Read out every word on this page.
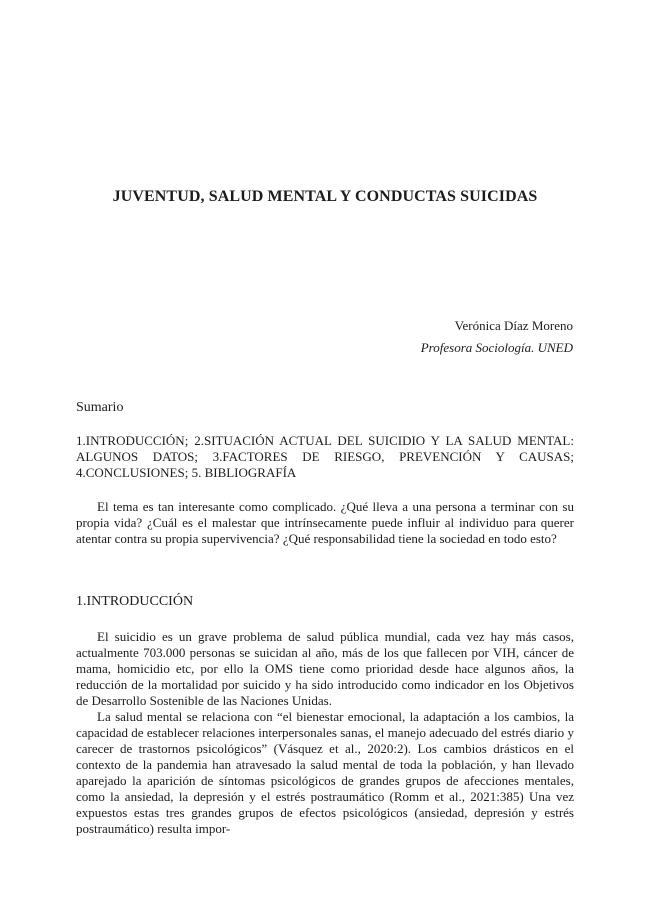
JUVENTUD, SALUD MENTAL Y CONDUCTAS SUICIDAS
Verónica Díaz Moreno
Profesora Sociología. UNED
Sumario
1.INTRODUCCIÓN; 2.SITUACIÓN ACTUAL DEL SUICIDIO Y LA SALUD MENTAL: ALGUNOS DATOS; 3.FACTORES DE RIESGO, PREVENCIÓN Y CAUSAS; 4.CONCLUSIONES; 5. BIBLIOGRAFÍA

El tema es tan interesante como complicado. ¿Qué lleva a una persona a terminar con su propia vida? ¿Cuál es el malestar que intrínsecamente puede influir al individuo para querer atentar contra su propia supervivencia? ¿Qué responsabilidad tiene la sociedad en todo esto?

1.INTRODUCCIÓN

El suicidio es un grave problema de salud pública mundial, cada vez hay más casos, actualmente 703.000 personas se suicidan al año, más de los que fallecen por VIH, cáncer de mama, homicidio etc, por ello la OMS tiene como prioridad desde hace algunos años, la reducción de la mortalidad por suicido y ha sido introducido como indicador en los Objetivos de Desarrollo Sostenible de las Naciones Unidas.

La salud mental se relaciona con “el bienestar emocional, la adaptación a los cambios, la capacidad de establecer relaciones interpersonales sanas, el manejo adecuado del estrés diario y carecer de trastornos psicológicos” (Vásquez et al., 2020:2). Los cambios drásticos en el contexto de la pandemia han atravesado la salud mental de toda la población, y han llevado aparejado la aparición de síntomas psicológicos de grandes grupos de afecciones mentales, como la ansiedad, la depresión y el estrés postraumático (Romm et al., 2021:385) Una vez expuestos estas tres grandes grupos de efectos psicológicos (ansiedad, depresión y estrés postraumático) resulta impor-
